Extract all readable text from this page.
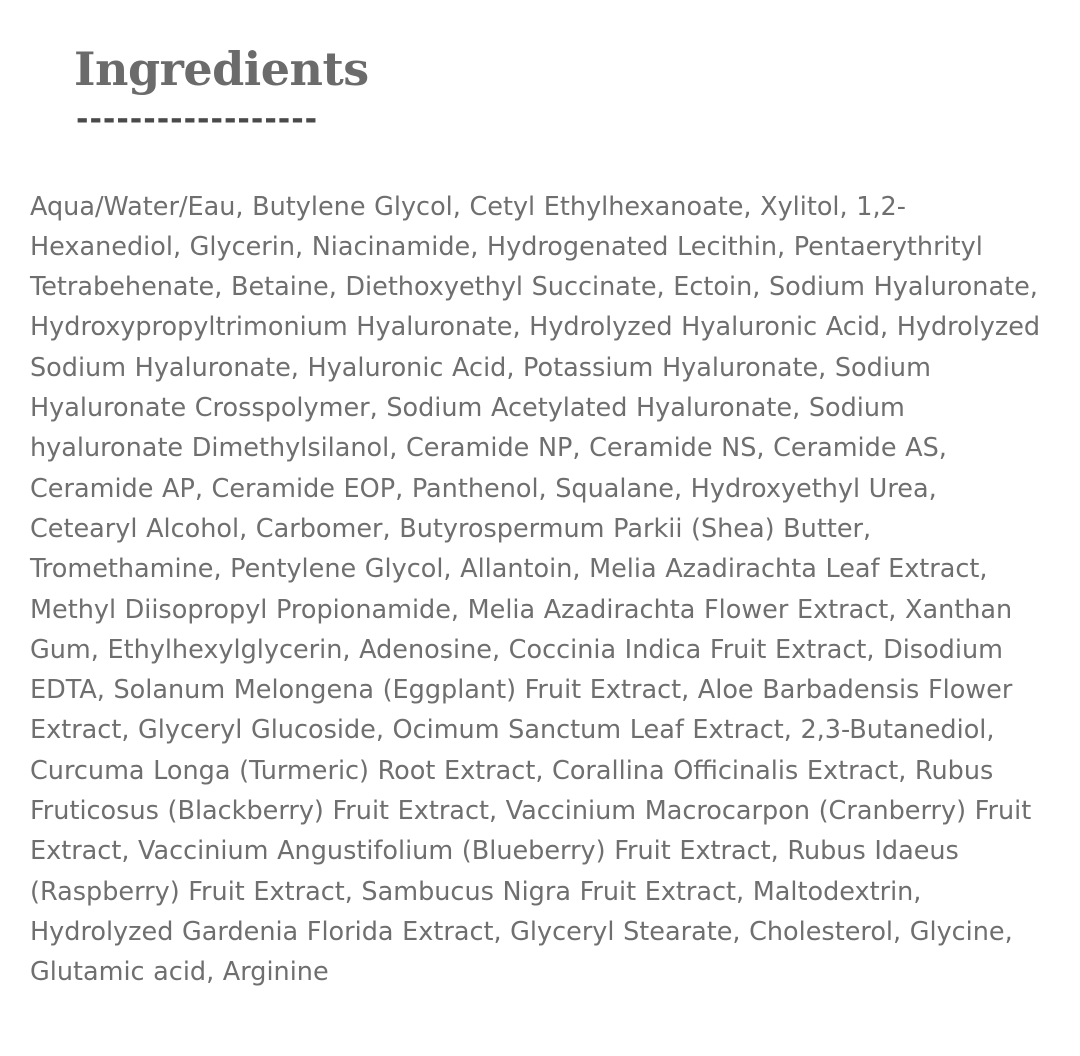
Ingredients
------------------

Aqua/Water/Eau, Butylene Glycol, Cetyl Ethylhexanoate, Xylitol, 1,2-Hexanediol, Glycerin, Niacinamide, Hydrogenated Lecithin, Pentaerythrityl Tetrabehenate, Betaine, Diethoxyethyl Succinate, Ectoin, Sodium Hyaluronate, Hydroxypropyltrimonium Hyaluronate, Hydrolyzed Hyaluronic Acid, Hydrolyzed Sodium Hyaluronate, Hyaluronic Acid, Potassium Hyaluronate, Sodium Hyaluronate Crosspolymer, Sodium Acetylated Hyaluronate, Sodium hyaluronate Dimethylsilanol, Ceramide NP, Ceramide NS, Ceramide AS, Ceramide AP, Ceramide EOP, Panthenol, Squalane, Hydroxyethyl Urea, Cetearyl Alcohol, Carbomer, Butyrospermum Parkii (Shea) Butter, Tromethamine, Pentylene Glycol, Allantoin, Melia Azadirachta Leaf Extract, Methyl Diisopropyl Propionamide, Melia Azadirachta Flower Extract, Xanthan Gum, Ethylhexylglycerin, Adenosine, Coccinia Indica Fruit Extract, Disodium EDTA, Solanum Melongena (Eggplant) Fruit Extract, Aloe Barbadensis Flower Extract, Glyceryl Glucoside, Ocimum Sanctum Leaf Extract, 2,3-Butanediol, Curcuma Longa (Turmeric) Root Extract, Corallina Officinalis Extract, Rubus Fruticosus (Blackberry) Fruit Extract, Vaccinium Macrocarpon (Cranberry) Fruit Extract, Vaccinium Angustifolium (Blueberry) Fruit Extract, Rubus Idaeus (Raspberry) Fruit Extract, Sambucus Nigra Fruit Extract, Maltodextrin, Hydrolyzed Gardenia Florida Extract, Glyceryl Stearate, Cholesterol, Glycine, Glutamic acid, Arginine
